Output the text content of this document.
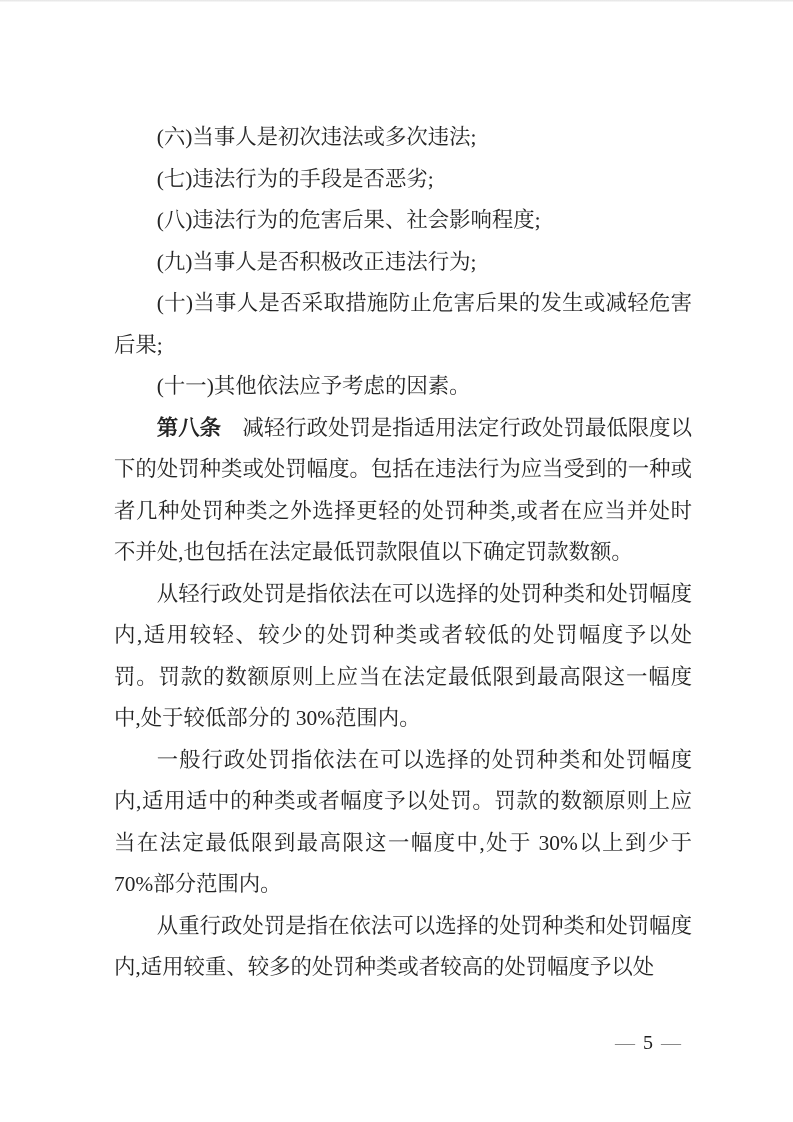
(六)当事人是初次违法或多次违法;

(七)违法行为的手段是否恶劣;

(八)违法行为的危害后果、社会影响程度;

(九)当事人是否积极改正违法行为;

(十)当事人是否采取措施防止危害后果的发生或减轻危害后果;

(十一)其他依法应予考虑的因素。

第八条 减轻行政处罚是指适用法定行政处罚最低限度以下的处罚种类或处罚幅度。包括在违法行为应当受到的一种或者几种处罚种类之外选择更轻的处罚种类,或者在应当并处时不并处,也包括在法定最低罚款限值以下确定罚款数额。

从轻行政处罚是指依法在可以选择的处罚种类和处罚幅度内,适用较轻、较少的处罚种类或者较低的处罚幅度予以处罚。罚款的数额原则上应当在法定最低限到最高限这一幅度中,处于较低部分的 30%范围内。

一般行政处罚指依法在可以选择的处罚种类和处罚幅度内,适用适中的种类或者幅度予以处罚。罚款的数额原则上应当在法定最低限到最高限这一幅度中,处于 30%以上到少于 70%部分范围内。

从重行政处罚是指在依法可以选择的处罚种类和处罚幅度内,适用较重、较多的处罚种类或者较高的处罚幅度予以处

— 5 —
